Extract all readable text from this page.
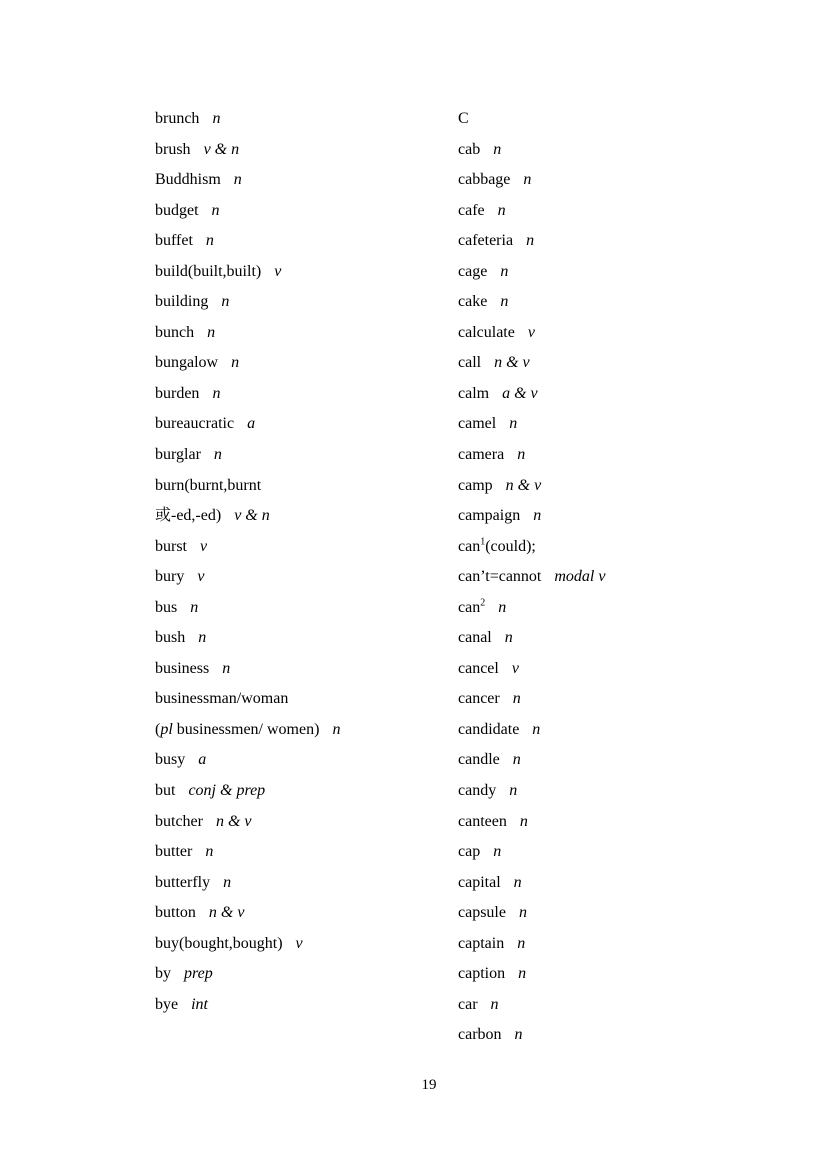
brunch n
brush v & n
Buddhism n
budget n
buffet n
build(built,built) v
building n
bunch n
bungalow n
burden n
bureaucratic a
burglar n
burn(burnt,burnt
或-ed,-ed) v & n
burst v
bury v
bus n
bush n
business n
businessman/woman
(pl businessmen/ women) n
busy a
but conj & prep
butcher n & v
butter n
butterfly n
button n & v
buy(bought,bought) v
by prep
bye int
C
cab n
cabbage n
cafe n
cafeteria n
cage n
cake n
calculate v
call n & v
calm a & v
camel n
camera n
camp n & v
campaign n
can$^1$(could);
can’t=cannot modal v
can$^2$ n
canal n
cancel v
cancer n
candidate n
candle n
candy n
canteen n
cap n
capital n
capsule n
captain n
caption n
car n
carbon n
19
